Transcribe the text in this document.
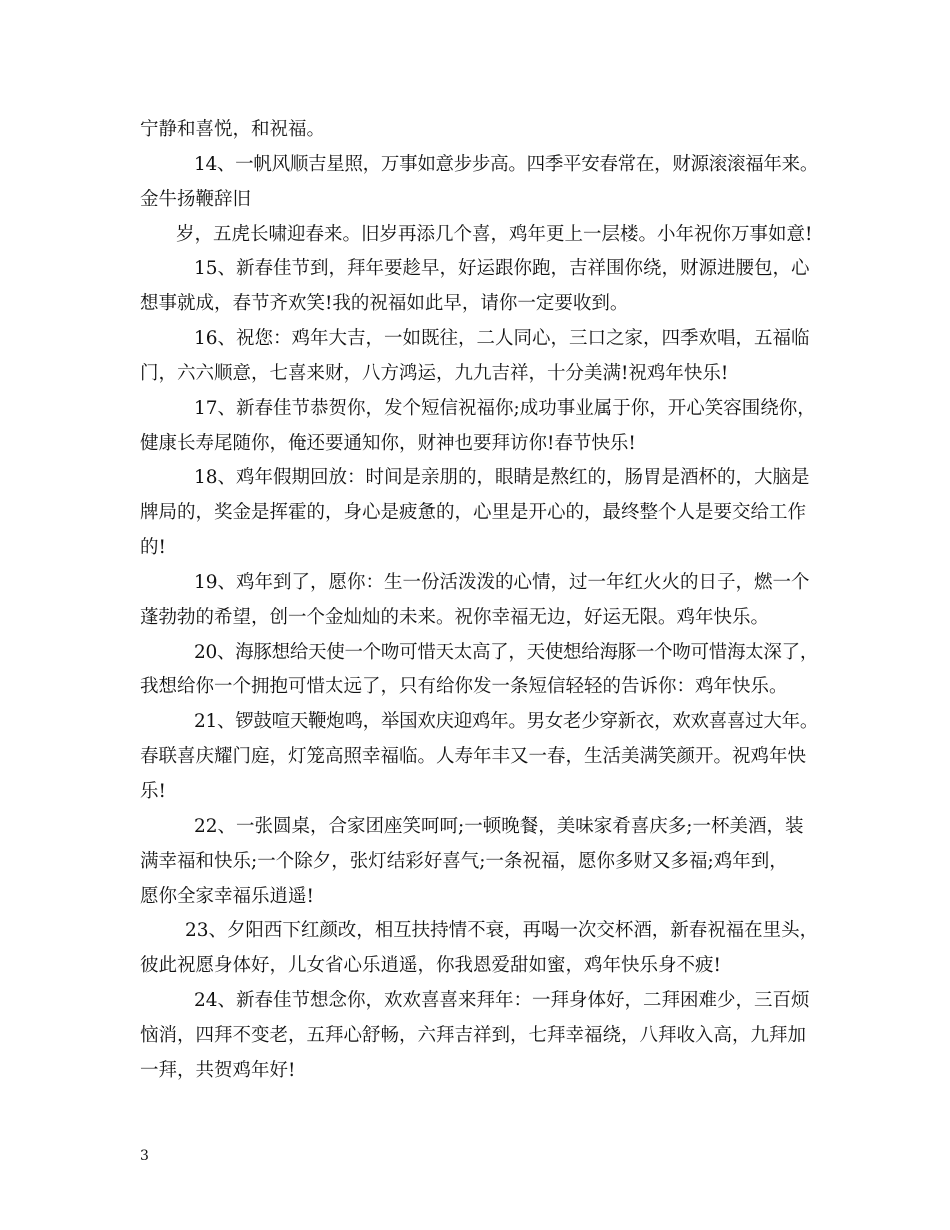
宁静和喜悦，和祝福。
14、一帆风顺吉星照，万事如意步步高。四季平安春常在，财源滚滚福年来。
金牛扬鞭辞旧
岁，五虎长啸迎春来。旧岁再添几个喜，鸡年更上一层楼。小年祝你万事如意!
15、新春佳节到，拜年要趁早，好运跟你跑，吉祥围你绕，财源进腰包，心
想事就成，春节齐欢笑!我的祝福如此早，请你一定要收到。
16、祝您：鸡年大吉，一如既往，二人同心，三口之家，四季欢唱，五福临
门，六六顺意，七喜来财，八方鸿运，九九吉祥，十分美满!祝鸡年快乐!
17、新春佳节恭贺你，发个短信祝福你;成功事业属于你，开心笑容围绕你，
健康长寿尾随你，俺还要通知你，财神也要拜访你!春节快乐!
18、鸡年假期回放：时间是亲朋的，眼睛是熬红的，肠胃是酒杯的，大脑是
牌局的，奖金是挥霍的，身心是疲惫的，心里是开心的，最终整个人是要交给工作
的!
19、鸡年到了，愿你：生一份活泼泼的心情，过一年红火火的日子，燃一个
蓬勃勃的希望，创一个金灿灿的未来。祝你幸福无边，好运无限。鸡年快乐。
20、海豚想给天使一个吻可惜天太高了，天使想给海豚一个吻可惜海太深了，
我想给你一个拥抱可惜太远了，只有给你发一条短信轻轻的告诉你：鸡年快乐。
21、锣鼓喧天鞭炮鸣，举国欢庆迎鸡年。男女老少穿新衣，欢欢喜喜过大年。
春联喜庆耀门庭，灯笼高照幸福临。人寿年丰又一春，生活美满笑颜开。祝鸡年快
乐!
22、一张圆桌，合家团座笑呵呵;一顿晚餐，美味家肴喜庆多;一杯美酒，装
满幸福和快乐;一个除夕，张灯结彩好喜气;一条祝福，愿你多财又多福;鸡年到，
愿你全家幸福乐逍遥!
23、夕阳西下红颜改，相互扶持情不衰，再喝一次交杯酒，新春祝福在里头，
彼此祝愿身体好，儿女省心乐逍遥，你我恩爱甜如蜜，鸡年快乐身不疲!
24、新春佳节想念你，欢欢喜喜来拜年：一拜身体好，二拜困难少，三百烦
恼消，四拜不变老，五拜心舒畅，六拜吉祥到，七拜幸福绕，八拜收入高，九拜加
一拜，共贺鸡年好!
3
